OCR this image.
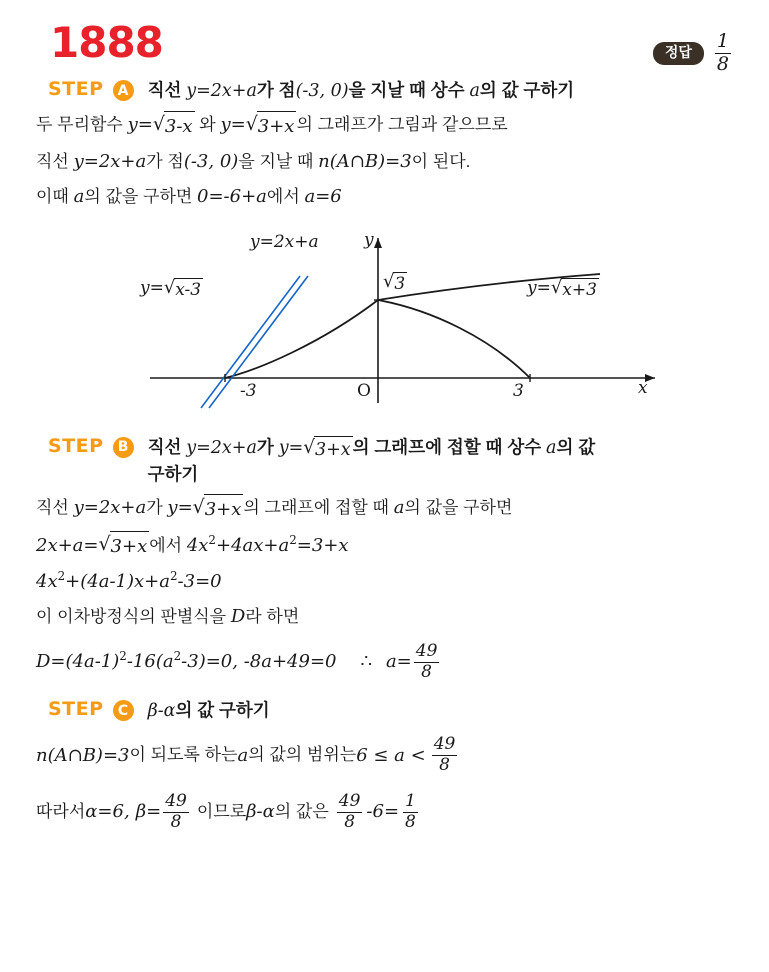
1888	정답	$\frac{1}{8}$
STEP	A 직선 y=2x+a가 점(-3, 0)을 지날 때 상수 a의 값 구하기
두 무리함수 y= √ 3-x 와 y= √ 3+x 의 그래프가 그림과 같으므로
직선 y=2x+a가 점(-3, 0)을 지날 때 n(A∩B)=3이 된다.
이때 a의 값을 구하면 0=-6+a에서 a=6
y=2x+a	y
y= √ x-3	y= √ x+3
√ 3
-3	3
O	x
STEP	B 직선 y=2x+a가 y= √ 3+x 의 그래프에 접할 때 상수 a의 값
구하기
직선 y=2x+a가 y= √ 3+x 의 그래프에 접할 때 a의 값을 구하면
2x+a= √ 3+x 에서 $4x^2+4ax+a^2=3+x$
$4x^2+(4a-1)x+a^2-3=0$
이 이차방정식의 판별식을 D라 하면
$D=(4a-1)^2-16(a^2-3)=0$, -8a+49=0 ∴ $a= \frac{49}{8}$
STEP	C	β-α의 값 구하기
n(A∩B)=3 이 되도록 하는 a 의 값의 범위는 $6 \le a < \frac{49}{8}$
따라서 α=6, $\beta= \frac{49}{8}$ 이므로 β-α 의 값은 $\frac{49}{8} -6= \frac{1}{8}$
